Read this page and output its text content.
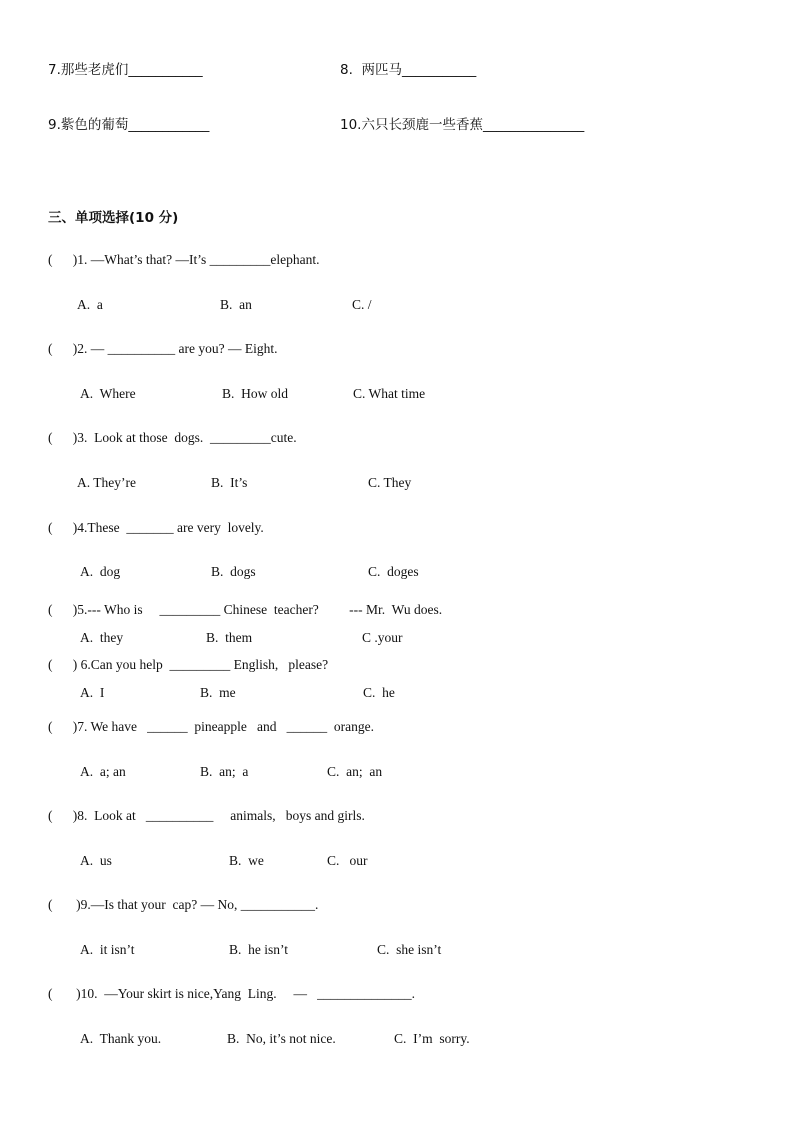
7.那些老虎们___________	8.  两匹马___________
9.紫色的葡萄____________	10.六只长颈鹿一些香蕉_______________
三、单项选择(10 分)
(      )1. —What’s that? —It’s _________elephant.
A.  a	B.  an	C. /
(      )2. — __________ are you? — Eight.
A.  Where	B.  How old	C. What time
(      )3.  Look at those  dogs.  _________cute.
A. They’re	B.  It’s	C. They
(      )4.These  _______ are very  lovely.
A.  dog	B.  dogs	C.  doges
(      )5.--- Who is     _________ Chinese  teacher?         --- Mr.  Wu does.
A.  they	B.  them	C .your
(      ) 6.Can you help  _________ English,   please?
A.  I	B.  me	C.  he
(      )7. We have   ______  pineapple   and   ______  orange.
A.  a; an	B.  an;  a	C.  an;  an
(      )8.  Look at   __________     animals,   boys and girls.
A.  us	B.  we	C.   our
(       )9.—Is that your  cap? — No, ___________.
A.  it isn’t	B.  he isn’t	C.  she isn’t
(       )10.  —Your skirt is nice,Yang  Ling.     —   ______________.
A.  Thank you.	B.  No, it’s not nice.	C.  I’m  sorry.
